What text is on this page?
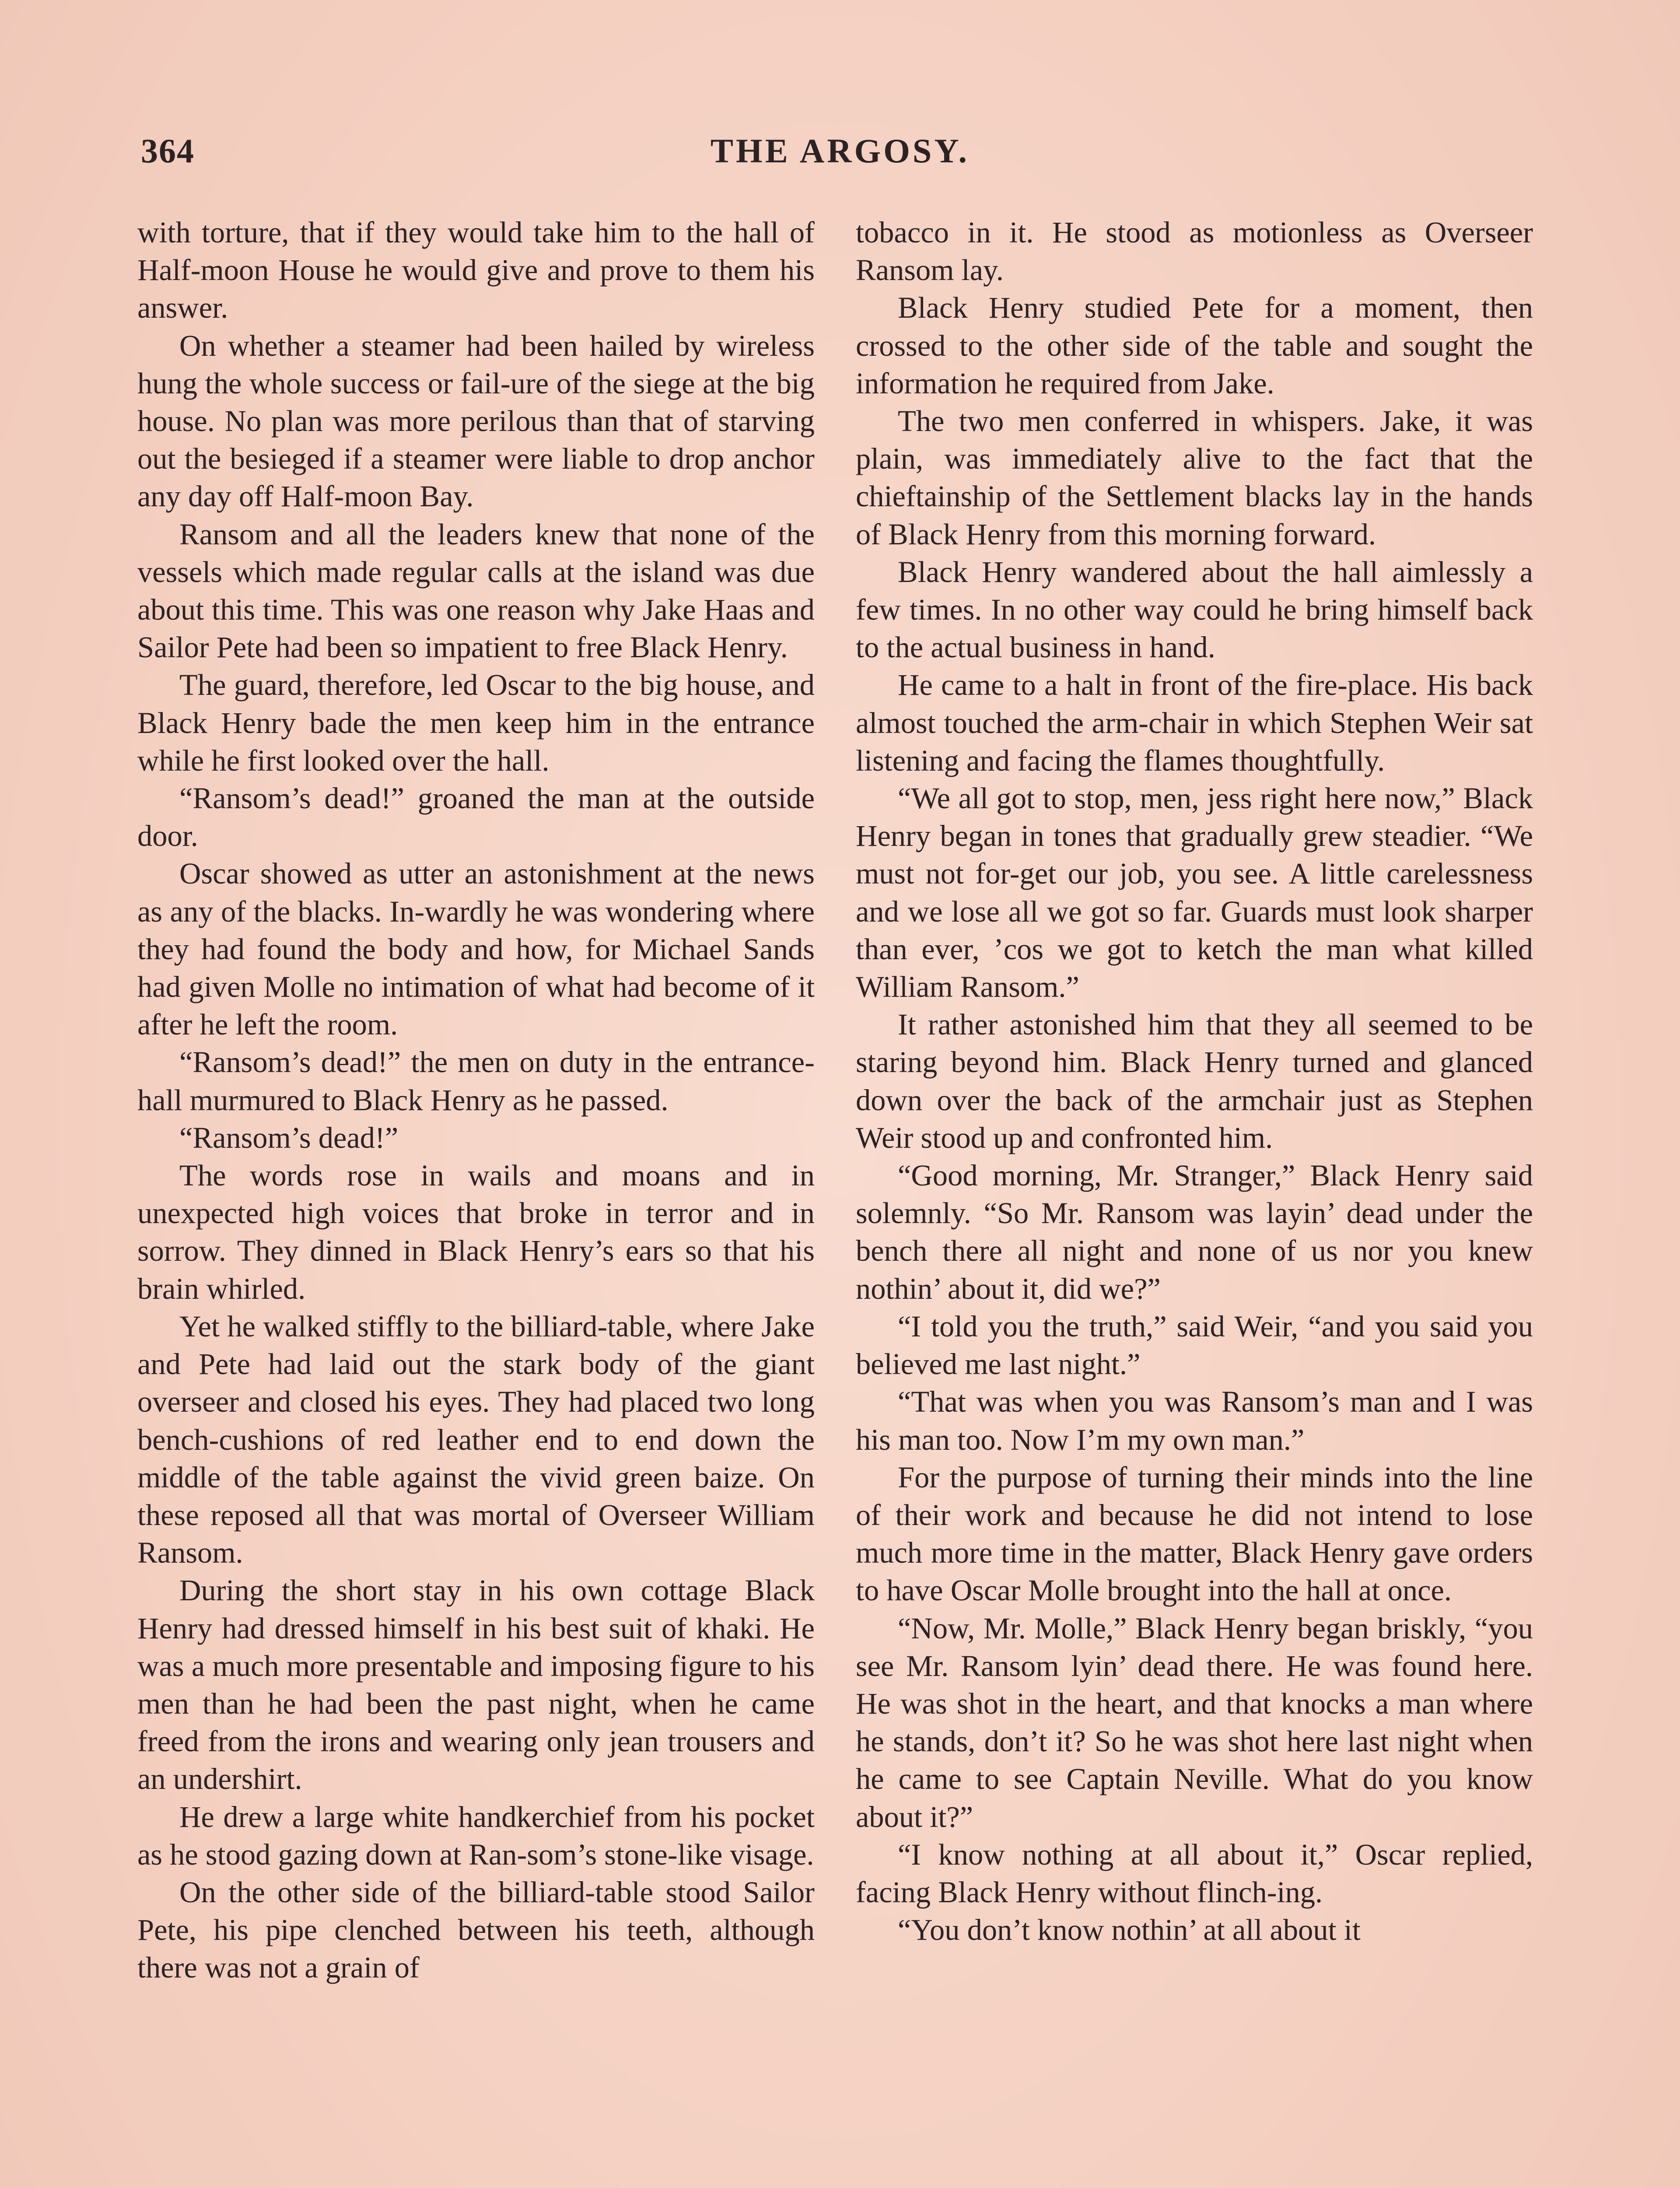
364	THE ARGOSY.

with torture, that if they would take him to the hall of Half-moon House he would give and prove to them his answer.

On whether a steamer had been hailed by wireless hung the whole success or fail-ure of the siege at the big house. No plan was more perilous than that of starving out the besieged if a steamer were liable to drop anchor any day off Half-moon Bay.

Ransom and all the leaders knew that none of the vessels which made regular calls at the island was due about this time. This was one reason why Jake Haas and Sailor Pete had been so impatient to free Black Henry.

The guard, therefore, led Oscar to the big house, and Black Henry bade the men keep him in the entrance while he first looked over the hall.

“Ransom’s dead!” groaned the man at the outside door.

Oscar showed as utter an astonishment at the news as any of the blacks. In-wardly he was wondering where they had found the body and how, for Michael Sands had given Molle no intimation of what had become of it after he left the room.

“Ransom’s dead!” the men on duty in the entrance-hall murmured to Black Henry as he passed.

“Ransom’s dead!”

The words rose in wails and moans and in unexpected high voices that broke in terror and in sorrow. They dinned in Black Henry’s ears so that his brain whirled.

Yet he walked stiffly to the billiard-table, where Jake and Pete had laid out the stark body of the giant overseer and closed his eyes. They had placed two long bench-cushions of red leather end to end down the middle of the table against the vivid green baize. On these reposed all that was mortal of Overseer William Ransom.

During the short stay in his own cottage Black Henry had dressed himself in his best suit of khaki. He was a much more presentable and imposing figure to his men than he had been the past night, when he came freed from the irons and wearing only jean trousers and an undershirt.

He drew a large white handkerchief from his pocket as he stood gazing down at Ran-som’s stone-like visage.

On the other side of the billiard-table stood Sailor Pete, his pipe clenched between his teeth, although there was not a grain of

tobacco in it. He stood as motionless as Overseer Ransom lay.

Black Henry studied Pete for a moment, then crossed to the other side of the table and sought the information he required from Jake.

The two men conferred in whispers. Jake, it was plain, was immediately alive to the fact that the chieftainship of the Settlement blacks lay in the hands of Black Henry from this morning forward.

Black Henry wandered about the hall aimlessly a few times. In no other way could he bring himself back to the actual business in hand.

He came to a halt in front of the fire-place. His back almost touched the arm-chair in which Stephen Weir sat listening and facing the flames thoughtfully.

“We all got to stop, men, jess right here now,” Black Henry began in tones that gradually grew steadier. “We must not for-get our job, you see. A little carelessness and we lose all we got so far. Guards must look sharper than ever, ’cos we got to ketch the man what killed William Ransom.”

It rather astonished him that they all seemed to be staring beyond him. Black Henry turned and glanced down over the back of the armchair just as Stephen Weir stood up and confronted him.

“Good morning, Mr. Stranger,” Black Henry said solemnly. “So Mr. Ransom was layin’ dead under the bench there all night and none of us nor you knew nothin’ about it, did we?”

“I told you the truth,” said Weir, “and you said you believed me last night.”

“That was when you was Ransom’s man and I was his man too. Now I’m my own man.”

For the purpose of turning their minds into the line of their work and because he did not intend to lose much more time in the matter, Black Henry gave orders to have Oscar Molle brought into the hall at once.

“Now, Mr. Molle,” Black Henry began briskly, “you see Mr. Ransom lyin’ dead there. He was found here. He was shot in the heart, and that knocks a man where he stands, don’t it? So he was shot here last night when he came to see Captain Neville. What do you know about it?”

“I know nothing at all about it,” Oscar replied, facing Black Henry without flinch-ing.

“You don’t know nothin’ at all about it
